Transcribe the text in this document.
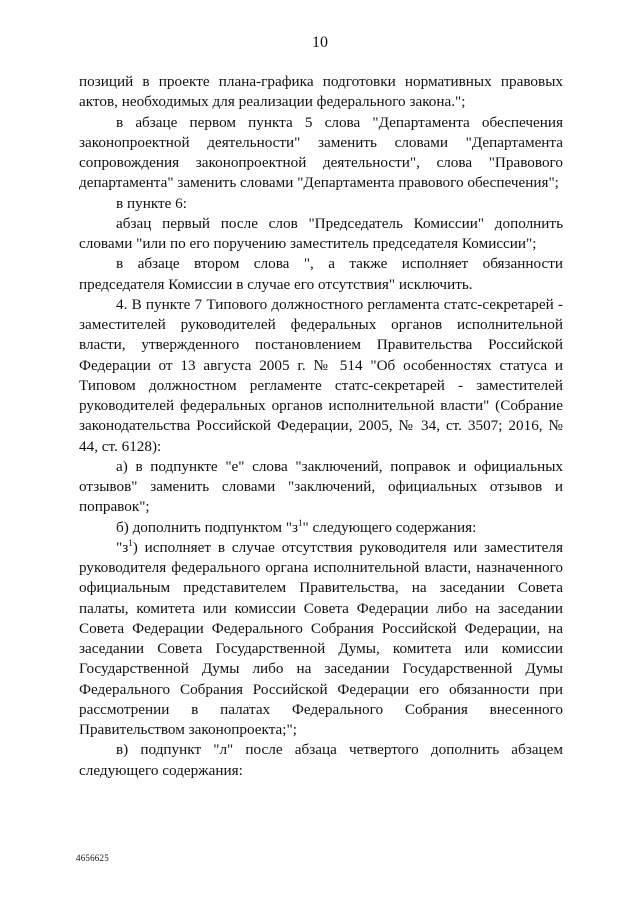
10

позиций в проекте плана-графика подготовки нормативных правовых актов, необходимых для реализации федерального закона.";

в абзаце первом пункта 5 слова "Департамента обеспечения законопроектной деятельности" заменить словами "Департамента сопровождения законопроектной деятельности", слова "Правового департамента" заменить словами "Департамента правового обеспечения";

в пункте 6:

абзац первый после слов "Председатель Комиссии" дополнить словами "или по его поручению заместитель председателя Комиссии";

в абзаце втором слова ", а также исполняет обязанности председателя Комиссии в случае его отсутствия" исключить.

4. В пункте 7 Типового должностного регламента статс-секретарей - заместителей руководителей федеральных органов исполнительной власти, утвержденного постановлением Правительства Российской Федерации от 13 августа 2005 г. № 514 "Об особенностях статуса и Типовом должностном регламенте статс-секретарей - заместителей руководителей федеральных органов исполнительной власти" (Собрание законодательства Российской Федерации, 2005, № 34, ст. 3507; 2016, № 44, ст. 6128):

а) в подпункте "е" слова "заключений, поправок и официальных отзывов" заменить словами "заключений, официальных отзывов и поправок";

б) дополнить подпунктом "$з^1$" следующего содержания:

"$з^1$) исполняет в случае отсутствия руководителя или заместителя руководителя федерального органа исполнительной власти, назначенного официальным представителем Правительства, на заседании Совета палаты, комитета или комиссии Совета Федерации либо на заседании Совета Федерации Федерального Собрания Российской Федерации, на заседании Совета Государственной Думы, комитета или комиссии Государственной Думы либо на заседании Государственной Думы Федерального Собрания Российской Федерации его обязанности при рассмотрении в палатах Федерального Собрания внесенного Правительством законопроекта;";

в) подпункт "л" после абзаца четвертого дополнить абзацем следующего содержания:

4656625
